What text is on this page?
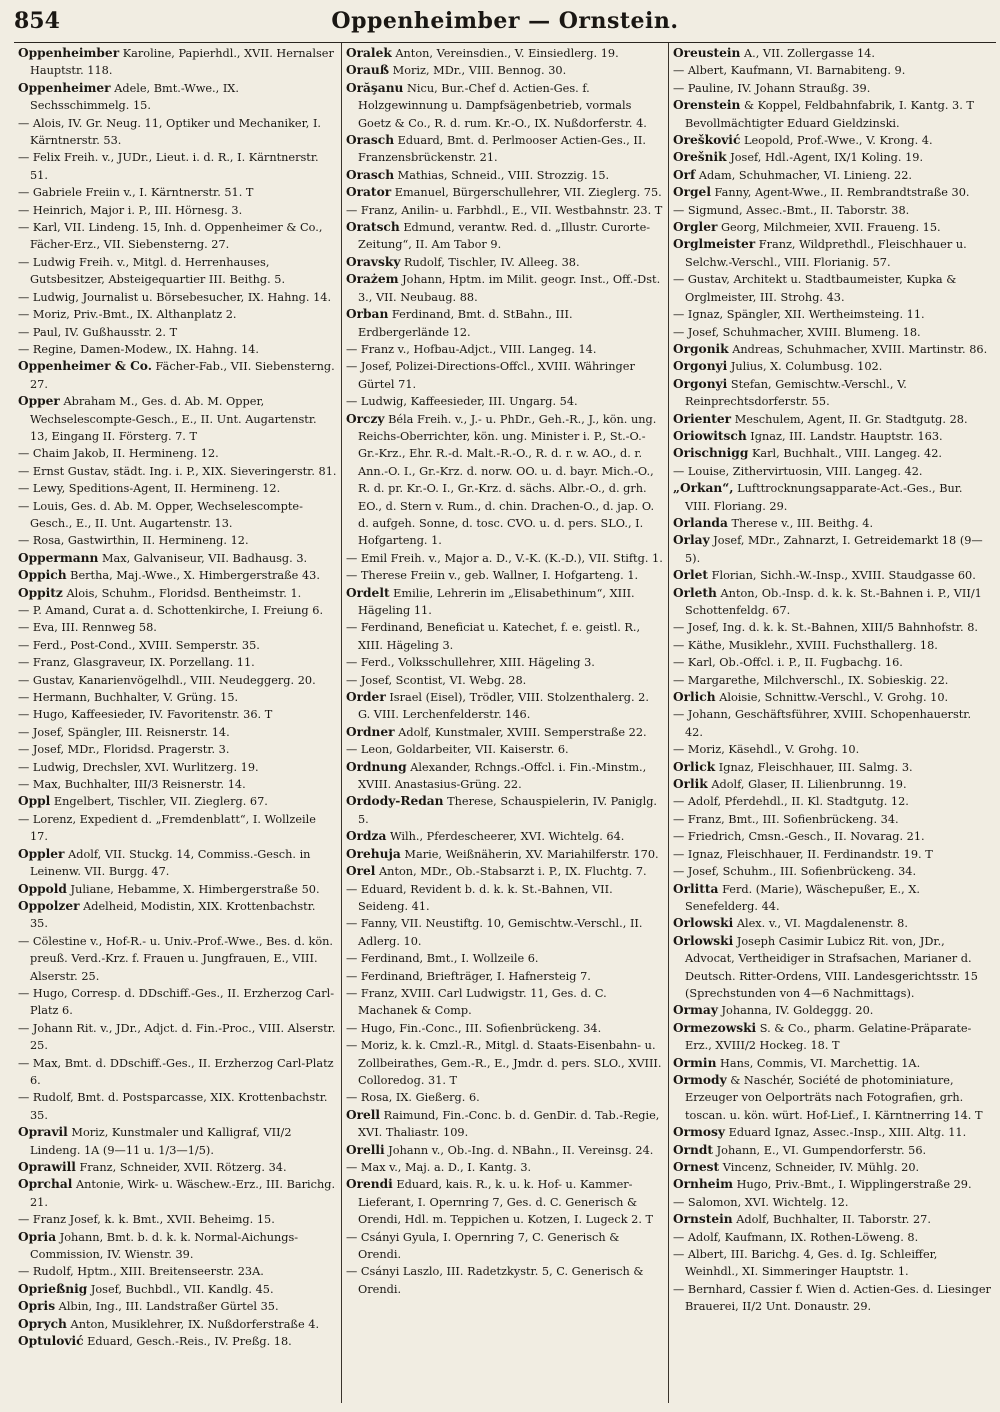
854	Oppenheimber — Ornstein.

Oppenheimber Karoline, Papierhdl., XVII. Hernalser Hauptstr. 118.

Oppenheimer Adele, Bmt.-Wwe., IX. Sechsschimmelg. 15.

— Alois, IV. Gr. Neug. 11, Optiker und Mechaniker, I. Kärntnerstr. 53.

— Felix Freih. v., JUDr., Lieut. i. d. R., I. Kärntnerstr. 51.

— Gabriele Freiin v., I. Kärntnerstr. 51. T

— Heinrich, Major i. P., III. Hörnesg. 3.

— Karl, VII. Lindeng. 15, Inh. d. Oppenheimer & Co., Fächer-Erz., VII. Siebensterng. 27.

— Ludwig Freih. v., Mitgl. d. Herrenhauses, Gutsbesitzer, Absteigequartier III. Beithg. 5.

— Ludwig, Journalist u. Börsebesucher, IX. Hahng. 14.

— Moriz, Priv.-Bmt., IX. Althanplatz 2.

— Paul, IV. Gußhausstr. 2. T

— Regine, Damen-Modew., IX. Hahng. 14.

Oppenheimer & Co. Fächer-Fab., VII. Siebensterng. 27.

Opper Abraham M., Ges. d. Ab. M. Opper, Wechselescompte-Gesch., E., II. Unt. Augartenstr. 13, Eingang II. Försterg. 7. T

— Chaim Jakob, II. Hermineng. 12.

— Ernst Gustav, städt. Ing. i. P., XIX. Sieveringerstr. 81.

— Lewy, Speditions-Agent, II. Hermineng. 12.

— Louis, Ges. d. Ab. M. Opper, Wechselescompte-Gesch., E., II. Unt. Augartenstr. 13.

— Rosa, Gastwirthin, II. Hermineng. 12.

Oppermann Max, Galvaniseur, VII. Badhausg. 3.

Oppich Bertha, Maj.-Wwe., X. Himbergerstraße 43.

Oppitz Alois, Schuhm., Floridsd. Bentheimstr. 1.

— P. Amand, Curat a. d. Schottenkirche, I. Freiung 6.

— Eva, III. Rennweg 58.

— Ferd., Post-Cond., XVIII. Semperstr. 35.

— Franz, Glasgraveur, IX. Porzellang. 11.

— Gustav, Kanarienvögelhdl., VIII. Neudeggerg. 20.

— Hermann, Buchhalter, V. Grüng. 15.

— Hugo, Kaffeesieder, IV. Favoritenstr. 36. T

— Josef, Spängler, III. Reisnerstr. 14.

— Josef, MDr., Floridsd. Pragerstr. 3.

— Ludwig, Drechsler, XVI. Wurlitzerg. 19.

— Max, Buchhalter, III/3 Reisnerstr. 14.

Oppl Engelbert, Tischler, VII. Zieglerg. 67.

— Lorenz, Expedient d. „Fremdenblatt“, I. Wollzeile 17.

Oppler Adolf, VII. Stuckg. 14, Commiss.-Gesch. in Leinenw. VII. Burgg. 47.

Oppold Juliane, Hebamme, X. Himbergerstraße 50.

Oppolzer Adelheid, Modistin, XIX. Krottenbachstr. 35.

— Cölestine v., Hof-R.- u. Univ.-Prof.-Wwe., Bes. d. kön. preuß. Verd.-Krz. f. Frauen u. Jungfrauen, E., VIII. Alserstr. 25.

— Hugo, Corresp. d. DDschiff.-Ges., II. Erzherzog Carl-Platz 6.

— Johann Rit. v., JDr., Adjct. d. Fin.-Proc., VIII. Alserstr. 25.

— Max, Bmt. d. DDschiff.-Ges., II. Erzherzog Carl-Platz 6.

— Rudolf, Bmt. d. Postsparcasse, XIX. Krottenbachstr. 35.

Opravil Moriz, Kunstmaler und Kalligraf, VII/2 Lindeng. 1A (9—11 u. 1/3—1/5).

Oprawill Franz, Schneider, XVII. Rötzerg. 34.

Oprchal Antonie, Wirk- u. Wäschew.-Erz., III. Barichg. 21.

— Franz Josef, k. k. Bmt., XVII. Beheimg. 15.

Opria Johann, Bmt. b. d. k. k. Normal-Aichungs-Commission, IV. Wienstr. 39.

— Rudolf, Hptm., XIII. Breitenseerstr. 23A.

Oprießnig Josef, Buchbdl., VII. Kandlg. 45.

Opris Albin, Ing., III. Landstraßer Gürtel 35.

Oprych Anton, Musiklehrer, IX. Nußdorferstraße 4.

Optulović Eduard, Gesch.-Reis., IV. Preßg. 18.

Oralek Anton, Vereinsdien., V. Einsiedlerg. 19.

Orauß Moriz, MDr., VIII. Bennog. 30.

Orăşanu Nicu, Bur.-Chef d. Actien-Ges. f. Holzgewinnung u. Dampfsägenbetrieb, vormals Goetz & Co., R. d. rum. Kr.-O., IX. Nußdorferstr. 4.

Orasch Eduard, Bmt. d. Perlmooser Actien-Ges., II. Franzensbrückenstr. 21.

Orasch Mathias, Schneid., VIII. Strozzig. 15.

Orator Emanuel, Bürgerschullehrer, VII. Zieglerg. 75.

— Franz, Anilin- u. Farbhdl., E., VII. Westbahnstr. 23. T

Oratsch Edmund, verantw. Red. d. „Illustr. Curorte-Zeitung“, II. Am Tabor 9.

Oravsky Rudolf, Tischler, IV. Alleeg. 38.

Orażem Johann, Hptm. im Milit. geogr. Inst., Off.-Dst. 3., VII. Neubaug. 88.

Orban Ferdinand, Bmt. d. StBahn., III. Erdbergerlände 12.

— Franz v., Hofbau-Adjct., VIII. Langeg. 14.

— Josef, Polizei-Directions-Offcl., XVIII. Währinger Gürtel 71.

— Ludwig, Kaffeesieder, III. Ungarg. 54.

Orczy Béla Freih. v., J.- u. PhDr., Geh.-R., J., kön. ung. Reichs-Oberrichter, kön. ung. Minister i. P., St.-O.-Gr.-Krz., Ehr. R.-d. Malt.-R.-O., R. d. r. w. AO., d. r. Ann.-O. I., Gr.-Krz. d. norw. OO. u. d. bayr. Mich.-O., R. d. pr. Kr.-O. I., Gr.-Krz. d. sächs. Albr.-O., d. grh. EO., d. Stern v. Rum., d. chin. Drachen-O., d. jap. O. d. aufgeh. Sonne, d. tosc. CVO. u. d. pers. SLO., I. Hofgarteng. 1.

— Emil Freih. v., Major a. D., V.-K. (K.-D.), VII. Stiftg. 1.

— Therese Freiin v., geb. Wallner, I. Hofgarteng. 1.

Ordelt Emilie, Lehrerin im „Elisabethinum“, XIII. Hägeling 11.

— Ferdinand, Beneficiat u. Katechet, f. e. geistl. R., XIII. Hägeling 3.

— Ferd., Volksschullehrer, XIII. Hägeling 3.

— Josef, Scontist, VI. Webg. 28.

Order Israel (Eisel), Trödler, VIII. Stolzenthalerg. 2. G. VIII. Lerchenfelderstr. 146.

Ordner Adolf, Kunstmaler, XVIII. Semperstraße 22.

— Leon, Goldarbeiter, VII. Kaiserstr. 6.

Ordnung Alexander, Rchngs.-Offcl. i. Fin.-Minstm., XVIII. Anastasius-Grüng. 22.

Ordody-Redan Therese, Schauspielerin, IV. Paniglg. 5.

Ordza Wilh., Pferdescheerer, XVI. Wichtelg. 64.

Orehuja Marie, Weißnäherin, XV. Mariahilferstr. 170.

Orel Anton, MDr., Ob.-Stabsarzt i. P., IX. Fluchtg. 7.

— Eduard, Revident b. d. k. k. St.-Bahnen, VII. Seideng. 41.

— Fanny, VII. Neustiftg. 10, Gemischtw.-Verschl., II. Adlerg. 10.

— Ferdinand, Bmt., I. Wollzeile 6.

— Ferdinand, Briefträger, I. Hafnersteig 7.

— Franz, XVIII. Carl Ludwigstr. 11, Ges. d. C. Machanek & Comp.

— Hugo, Fin.-Conc., III. Sofienbrückeng. 34.

— Moriz, k. k. Cmzl.-R., Mitgl. d. Staats-Eisenbahn- u. Zollbeirathes, Gem.-R., E., Jmdr. d. pers. SLO., XVIII. Colloredog. 31. T

— Rosa, IX. Gießerg. 6.

Orell Raimund, Fin.-Conc. b. d. GenDir. d. Tab.-Regie, XVI. Thaliastr. 109.

Orelli Johann v., Ob.-Ing. d. NBahn., II. Vereinsg. 24.

— Max v., Maj. a. D., I. Kantg. 3.

Orendi Eduard, kais. R., k. u. k. Hof- u. Kammer-Lieferant, I. Opernring 7, Ges. d. C. Generisch & Orendi, Hdl. m. Teppichen u. Kotzen, I. Lugeck 2. T

— Csányi Gyula, I. Opernring 7, C. Generisch & Orendi.

— Csányi Laszlo, III. Radetzkystr. 5, C. Generisch & Orendi.

Oreustein A., VII. Zollergasse 14.

— Albert, Kaufmann, VI. Barnabiteng. 9.

— Pauline, IV. Johann Straußg. 39.

Orenstein & Koppel, Feldbahnfabrik, I. Kantg. 3. T Bevollmächtigter Eduard Gieldzinski.

Orešković Leopold, Prof.-Wwe., V. Krong. 4.

Orešnik Josef, Hdl.-Agent, IX/1 Koling. 19.

Orf Adam, Schuhmacher, VI. Linieng. 22.

Orgel Fanny, Agent-Wwe., II. Rembrandtstraße 30.

— Sigmund, Assec.-Bmt., II. Taborstr. 38.

Orgler Georg, Milchmeier, XVII. Fraueng. 15.

Orglmeister Franz, Wildprethdl., Fleischhauer u. Selchw.-Verschl., VIII. Florianig. 57.

— Gustav, Architekt u. Stadtbaumeister, Kupka & Orglmeister, III. Strohg. 43.

— Ignaz, Spängler, XII. Wertheimsteing. 11.

— Josef, Schuhmacher, XVIII. Blumeng. 18.

Orgonik Andreas, Schuhmacher, XVIII. Martinstr. 86.

Orgonyi Julius, X. Columbusg. 102.

Orgonyi Stefan, Gemischtw.-Verschl., V. Reinprechtsdorferstr. 55.

Orienter Meschulem, Agent, II. Gr. Stadtgutg. 28.

Oriowitsch Ignaz, III. Landstr. Hauptstr. 163.

Orischnigg Karl, Buchhalt., VIII. Langeg. 42.

— Louise, Zithervirtuosin, VIII. Langeg. 42.

„Orkan“, Lufttrocknungsapparate-Act.-Ges., Bur. VIII. Floriang. 29.

Orlanda Therese v., III. Beithg. 4.

Orlay Josef, MDr., Zahnarzt, I. Getreidemarkt 18 (9—5).

Orlet Florian, Sichh.-W.-Insp., XVIII. Staudgasse 60.

Orleth Anton, Ob.-Insp. d. k. k. St.-Bahnen i. P., VII/1 Schottenfeldg. 67.

— Josef, Ing. d. k. k. St.-Bahnen, XIII/5 Bahnhofstr. 8.

— Käthe, Musiklehr., XVIII. Fuchsthallerg. 18.

— Karl, Ob.-Offcl. i. P., II. Fugbachg. 16.

— Margarethe, Milchverschl., IX. Sobieskig. 22.

Orlich Aloisie, Schnittw.-Verschl., V. Grohg. 10.

— Johann, Geschäftsführer, XVIII. Schopenhauerstr. 42.

— Moriz, Käsehdl., V. Grohg. 10.

Orlick Ignaz, Fleischhauer, III. Salmg. 3.

Orlik Adolf, Glaser, II. Lilienbrunng. 19.

— Adolf, Pferdehdl., II. Kl. Stadtgutg. 12.

— Franz, Bmt., III. Sofienbrückeng. 34.

— Friedrich, Cmsn.-Gesch., II. Novarag. 21.

— Ignaz, Fleischhauer, II. Ferdinandstr. 19. T

— Josef, Schuhm., III. Sofienbrückeng. 34.

Orlitta Ferd. (Marie), Wäschepußer, E., X. Senefelderg. 44.

Orlowski Alex. v., VI. Magdalenenstr. 8.

Orlowski Joseph Casimir Lubicz Rit. von, JDr., Advocat, Vertheidiger in Strafsachen, Marianer d. Deutsch. Ritter-Ordens, VIII. Landesgerichtsstr. 15 (Sprechstunden von 4—6 Nachmittags).

Ormay Johanna, IV. Goldeggg. 20.

Ormezowski S. & Co., pharm. Gelatine-Präparate-Erz., XVIII/2 Hockeg. 18. T

Ormin Hans, Commis, VI. Marchettig. 1A.

Ormody & Naschér, Société de photominiature, Erzeuger von Oelporträts nach Fotografien, grh. toscan. u. kön. würt. Hof-Lief., I. Kärntnerring 14. T

Ormosy Eduard Ignaz, Assec.-Insp., XIII. Altg. 11.

Orndt Johann, E., VI. Gumpendorferstr. 56.

Ornest Vincenz, Schneider, IV. Mühlg. 20.

Ornheim Hugo, Priv.-Bmt., I. Wipplingerstraße 29.

— Salomon, XVI. Wichtelg. 12.

Ornstein Adolf, Buchhalter, II. Taborstr. 27.

— Adolf, Kaufmann, IX. Rothen-Löweng. 8.

— Albert, III. Barichg. 4, Ges. d. Ig. Schleiffer, Weinhdl., XI. Simmeringer Hauptstr. 1.

— Bernhard, Cassier f. Wien d. Actien-Ges. d. Liesinger Brauerei, II/2 Unt. Donaustr. 29.
